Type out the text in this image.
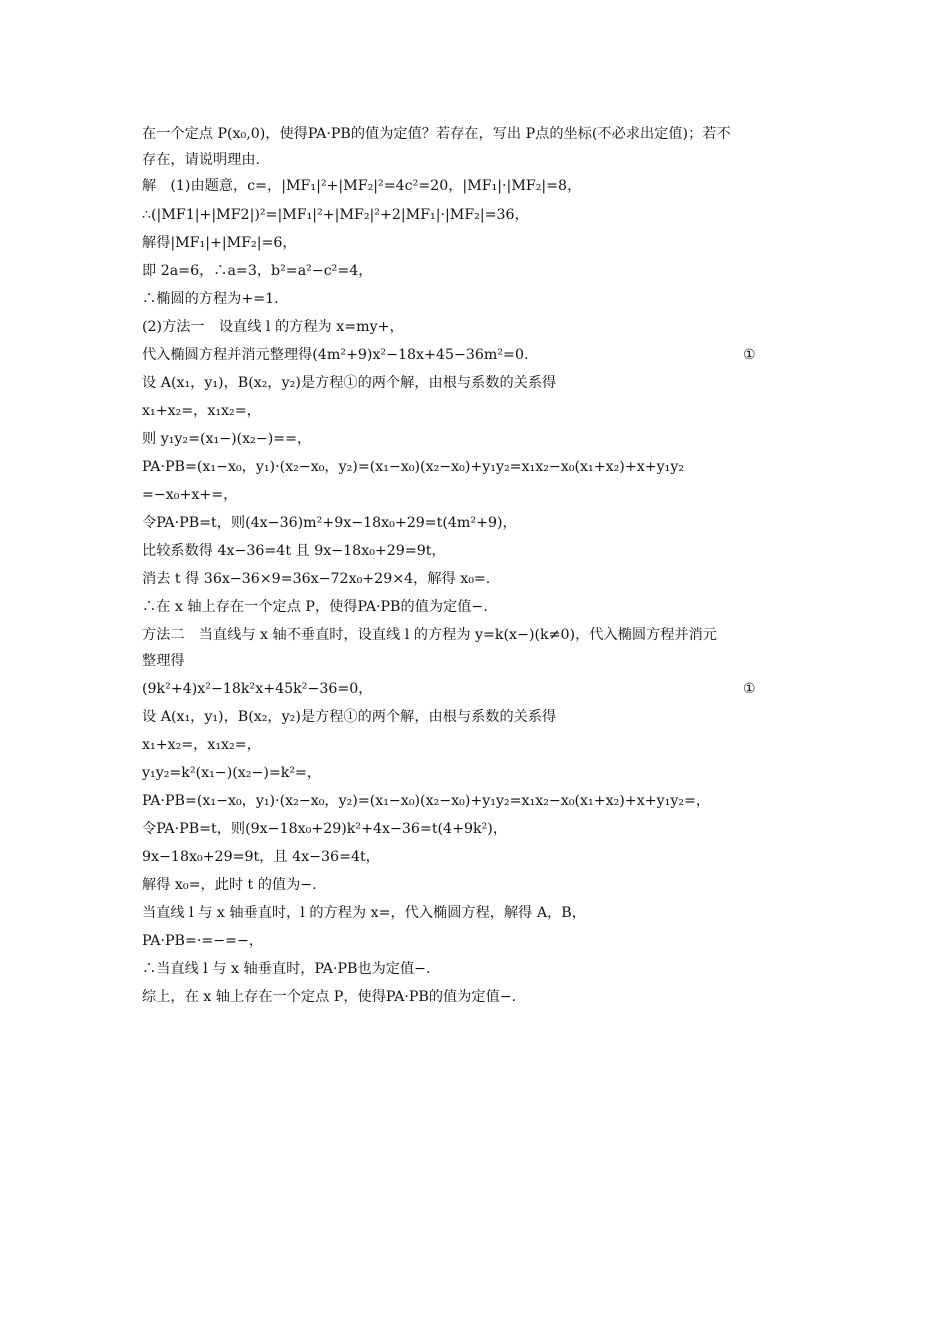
在一个定点 P(x₀,0)，使得PA·PB的值为定值？若存在，写出 P点的坐标(不必求出定值)；若不
存在，请说明理由.
解　(1)由题意，c=，|MF₁|²+|MF₂|²=4c²=20，|MF₁|·|MF₂|=8，
∴(|MF1|+|MF2|)²=|MF₁|²+|MF₂|²+2|MF₁|·|MF₂|=36，
解得|MF₁|+|MF₂|=6，
即 2a=6，∴a=3，b²=a²−c²=4，
∴椭圆的方程为+=1.
(2)方法一　设直线 l 的方程为 x=my+，
代入椭圆方程并消元整理得(4m²+9)x²−18x+45−36m²=0.	①
设 A(x₁，y₁)，B(x₂，y₂)是方程①的两个解，由根与系数的关系得
x₁+x₂=，x₁x₂=，
则 y₁y₂=(x₁−)(x₂−)==，
PA·PB=(x₁−x₀，y₁)·(x₂−x₀，y₂)=(x₁−x₀)(x₂−x₀)+y₁y₂=x₁x₂−x₀(x₁+x₂)+x+y₁y₂
=−x₀+x+=，
令PA·PB=t，则(4x−36)m²+9x−18x₀+29=t(4m²+9)，
比较系数得 4x−36=4t 且 9x−18x₀+29=9t，
消去 t 得 36x−36×9=36x−72x₀+29×4，解得 x₀=.
∴在 x 轴上存在一个定点 P，使得PA·PB的值为定值−.
方法二　当直线与 x 轴不垂直时，设直线 l 的方程为 y=k(x−)(k≠0)，代入椭圆方程并消元
整理得
(9k²+4)x²−18k²x+45k²−36=0，	①
设 A(x₁，y₁)，B(x₂，y₂)是方程①的两个解，由根与系数的关系得
x₁+x₂=，x₁x₂=，
y₁y₂=k²(x₁−)(x₂−)=k²=，
PA·PB=(x₁−x₀，y₁)·(x₂−x₀，y₂)=(x₁−x₀)(x₂−x₀)+y₁y₂=x₁x₂−x₀(x₁+x₂)+x+y₁y₂=，
令PA·PB=t，则(9x−18x₀+29)k²+4x−36=t(4+9k²)，
9x−18x₀+29=9t，且 4x−36=4t，
解得 x₀=，此时 t 的值为−.
当直线 l 与 x 轴垂直时，l 的方程为 x=，代入椭圆方程，解得 A，B，
PA·PB=·=−=−，
∴当直线 l 与 x 轴垂直时，PA·PB也为定值−.
综上，在 x 轴上存在一个定点 P，使得PA·PB的值为定值−.
